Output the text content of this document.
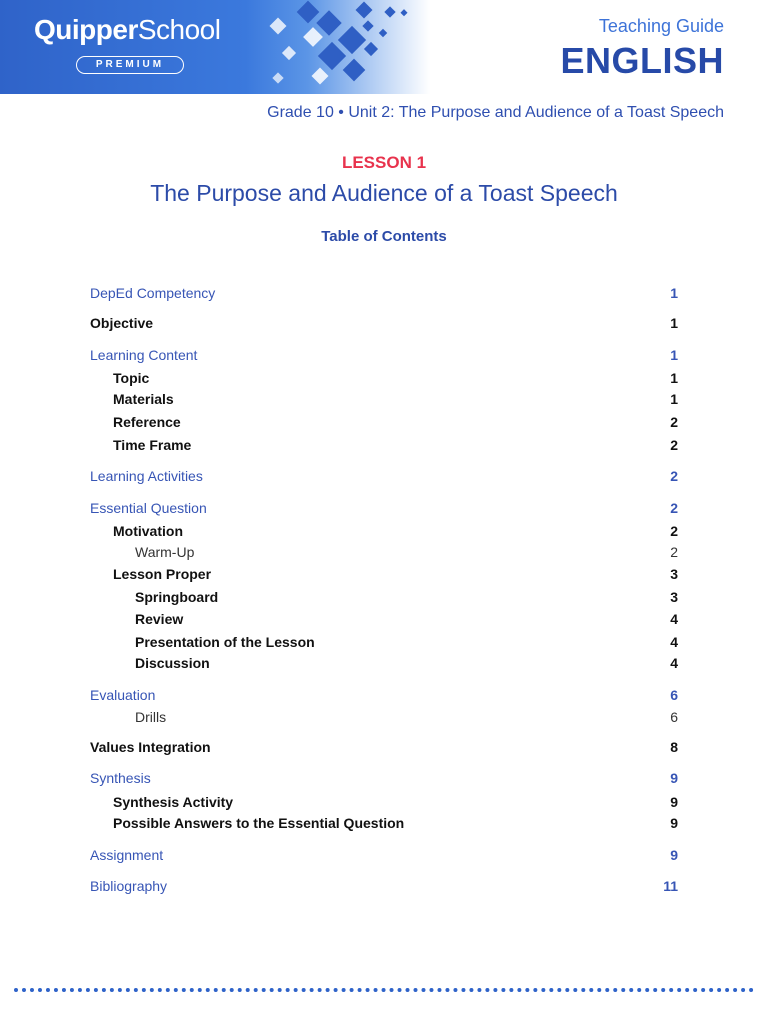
QuipperSchool
PREMIUM
Teaching Guide
ENGLISH
Grade 10 • Unit 2: The Purpose and Audience of a Toast Speech
LESSON 1
The Purpose and Audience of a Toast Speech
Table of Contents
DepEd Competency	1
Objective	1
Learning Content	1
Topic	1
Materials	1
Reference	2
Time Frame	2
Learning Activities	2
Essential Question	2
Motivation	2
Warm-Up	2
Lesson Proper	3
Springboard	3
Review	4
Presentation of the Lesson	4
Discussion	4
Evaluation	6
Drills	6
Values Integration	8
Synthesis	9
Synthesis Activity	9
Possible Answers to the Essential Question	9
Assignment	9
Bibliography	11
